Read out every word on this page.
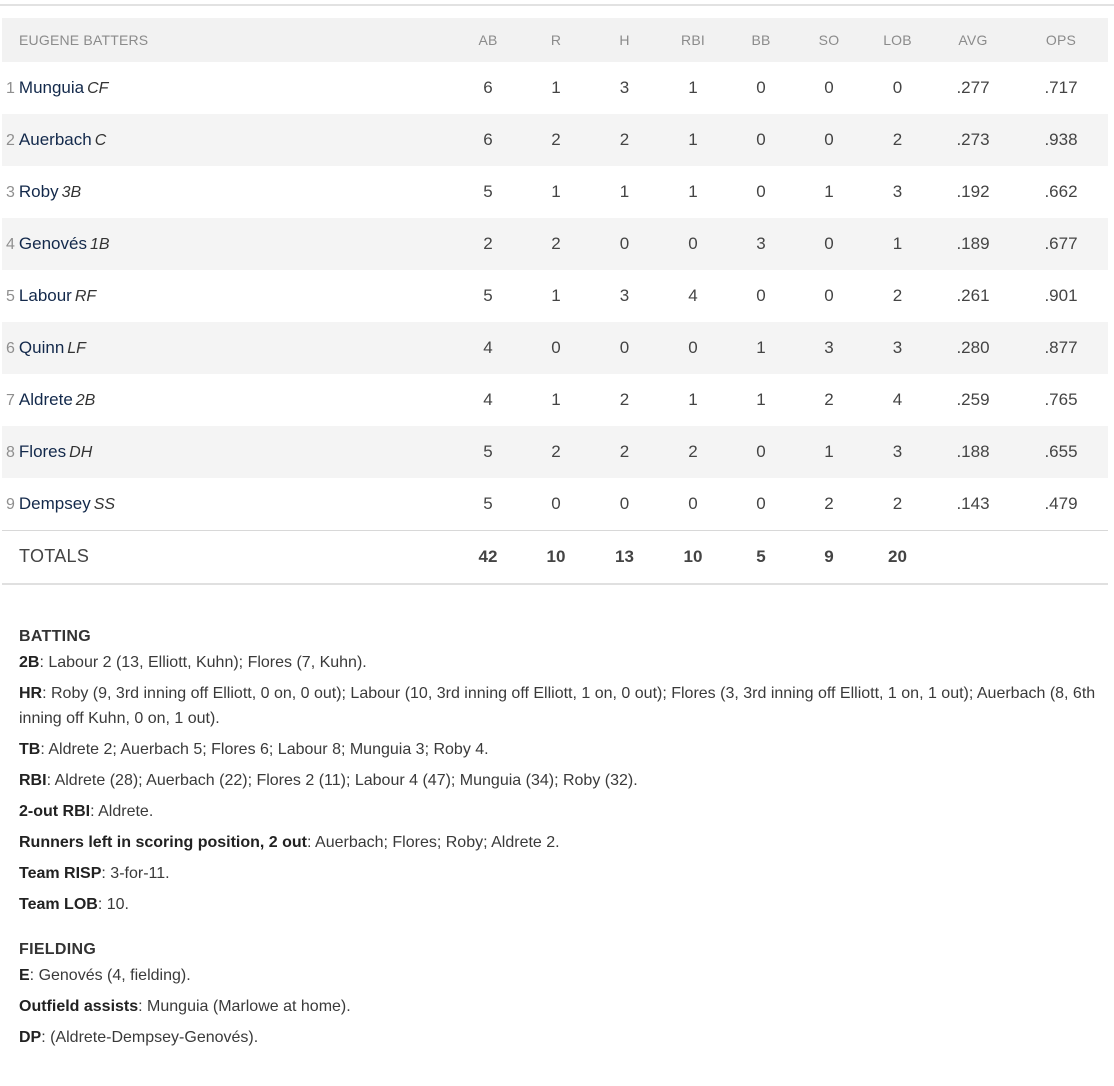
EUGENE BATTERS	AB	R	H	RBI	BB	SO	LOB	AVG	OPS
1 Munguia CF	6	1	3	1	0	0	0	.277	.717
2 Auerbach C	6	2	2	1	0	0	2	.273	.938
3 Roby 3B	5	1	1	1	0	1	3	.192	.662
4 Genovés 1B	2	2	0	0	3	0	1	.189	.677
5 Labour RF	5	1	3	4	0	0	2	.261	.901
6 Quinn LF	4	0	0	0	1	3	3	.280	.877
7 Aldrete 2B	4	1	2	1	1	2	4	.259	.765
8 Flores DH	5	2	2	2	0	1	3	.188	.655
9 Dempsey SS	5	0	0	0	0	2	2	.143	.479
TOTALS	42	10	13	10	5	9	20		
BATTING
2B: Labour 2 (13, Elliott, Kuhn); Flores (7, Kuhn).
HR: Roby (9, 3rd inning off Elliott, 0 on, 0 out); Labour (10, 3rd inning off Elliott, 1 on, 0 out); Flores (3, 3rd inning off Elliott, 1 on, 1 out); Auerbach (8, 6th inning off Kuhn, 0 on, 1 out).
TB: Aldrete 2; Auerbach 5; Flores 6; Labour 8; Munguia 3; Roby 4.
RBI: Aldrete (28); Auerbach (22); Flores 2 (11); Labour 4 (47); Munguia (34); Roby (32).
2-out RBI: Aldrete.
Runners left in scoring position, 2 out: Auerbach; Flores; Roby; Aldrete 2.
Team RISP: 3-for-11.
Team LOB: 10.
FIELDING
E: Genovés (4, fielding).
Outfield assists: Munguia (Marlowe at home).
DP: (Aldrete-Dempsey-Genovés).
